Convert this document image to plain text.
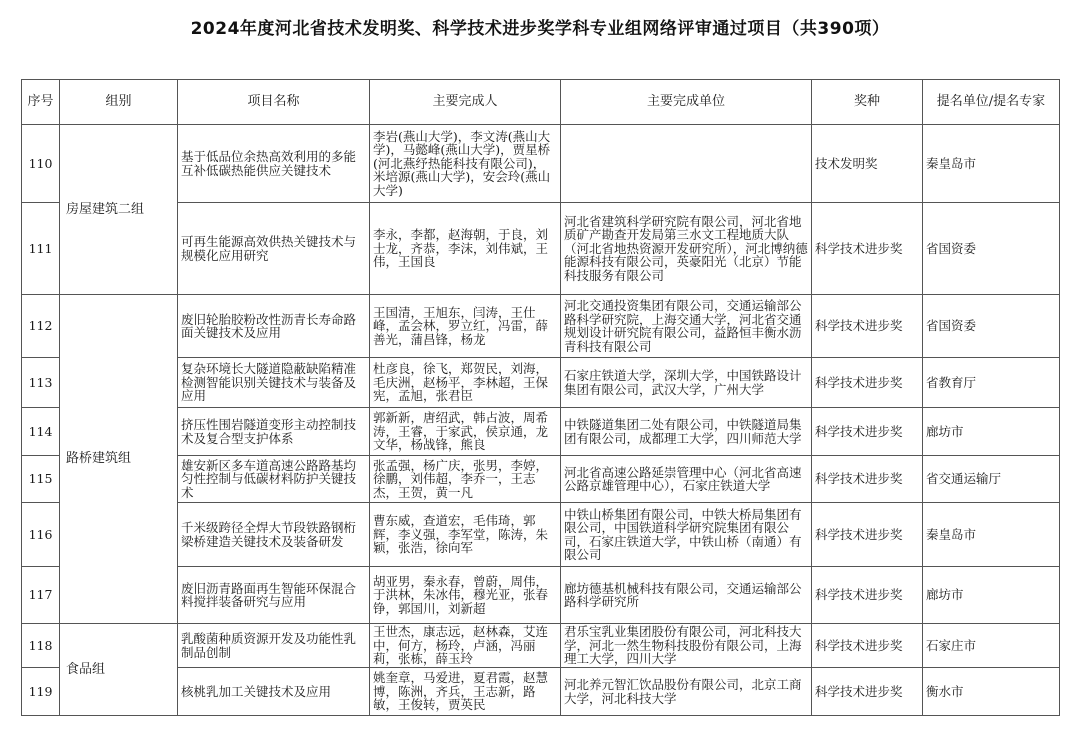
2024年度河北省技术发明奖、科学技术进步奖学科专业组网络评审通过项目（共390项）
序号	组别	项目名称	主要完成人	主要完成单位	奖种	提名单位/提名专家
110	房屋建筑二组	基于低品位余热高效利用的多能互补低碳热能供应关键技术	李岩(燕山大学)，李文涛(燕山大学)，马懿峰(燕山大学)，贾星桥(河北燕纾热能科技有限公司)，米培源(燕山大学)，安会玲(燕山大学)		技术发明奖	秦皇岛市
111		可再生能源高效供热关键技术与规模化应用研究	李永，李都，赵海朝，于良，刘士龙，齐恭，李沫，刘伟斌，王伟，王国良	河北省建筑科学研究院有限公司，河北省地质矿产勘查开发局第三水文工程地质大队（河北省地热资源开发研究所），河北博纳德能源科技有限公司，英豪阳光（北京）节能科技服务有限公司	科学技术进步奖	省国资委
112	路桥建筑组	废旧轮胎胶粉改性沥青长寿命路面关键技术及应用	王国清，王旭东，闫涛，王仕峰，孟会林，罗立红，冯雷，薛善光，蒲昌锋，杨龙	河北交通投资集团有限公司，交通运输部公路科学研究院，上海交通大学，河北省交通规划设计研究院有限公司，益路恒丰衡水沥青科技有限公司	科学技术进步奖	省国资委
113		复杂环境长大隧道隐蔽缺陷精准检测智能识别关键技术与装备及应用	杜彦良，徐飞，郑贺民，刘海，毛庆洲，赵杨平，李林超，王保宪，孟旭，张君臣	石家庄铁道大学，深圳大学，中国铁路设计集团有限公司，武汉大学，广州大学	科学技术进步奖	省教育厅
114		挤压性围岩隧道变形主动控制技术及复合型支护体系	郭新新，唐绍武，韩占波，周希涛，王睿，于家武，侯京通，龙文华，杨战锋，熊良	中铁隧道集团二处有限公司，中铁隧道局集团有限公司，成都理工大学，四川师范大学	科学技术进步奖	廊坊市
115		雄安新区多车道高速公路路基均匀性控制与低碳材料防护关键技术	张孟强，杨广庆，张男，李婷，徐鹏，刘伟超，李乔一，王志杰，王贺，黄一凡	河北省高速公路延崇管理中心（河北省高速公路京雄管理中心），石家庄铁道大学	科学技术进步奖	省交通运输厅
116		千米级跨径全焊大节段铁路钢桁梁桥建造关键技术及装备研发	曹东威，查道宏，毛伟琦，郭辉，李义强，李军堂，陈涛，朱颖，张浩，徐向军	中铁山桥集团有限公司，中铁大桥局集团有限公司，中国铁道科学研究院集团有限公司，石家庄铁道大学，中铁山桥（南通）有限公司	科学技术进步奖	秦皇岛市
117		废旧沥青路面再生智能环保混合料搅拌装备研究与应用	胡亚男，秦永春，曾蔚，周伟，于洪林，朱冰伟，穆光亚，张春铮，郭国川，刘新超	廊坊德基机械科技有限公司，交通运输部公路科学研究所	科学技术进步奖	廊坊市
118	食品组	乳酸菌种质资源开发及功能性乳制品创制	王世杰，康志远，赵林森，艾连中，何方，杨玲，卢涵，冯丽莉，张栋，薛玉玲	君乐宝乳业集团股份有限公司，河北科技大学，河北一然生物科技股份有限公司，上海理工大学，四川大学	科学技术进步奖	石家庄市
119		核桃乳加工关键技术及应用	姚奎章，马爱进，夏君霞，赵慧博，陈洲，齐兵，王志新，路敏，王俊转，贾英民	河北养元智汇饮品股份有限公司，北京工商大学，河北科技大学	科学技术进步奖	衡水市
